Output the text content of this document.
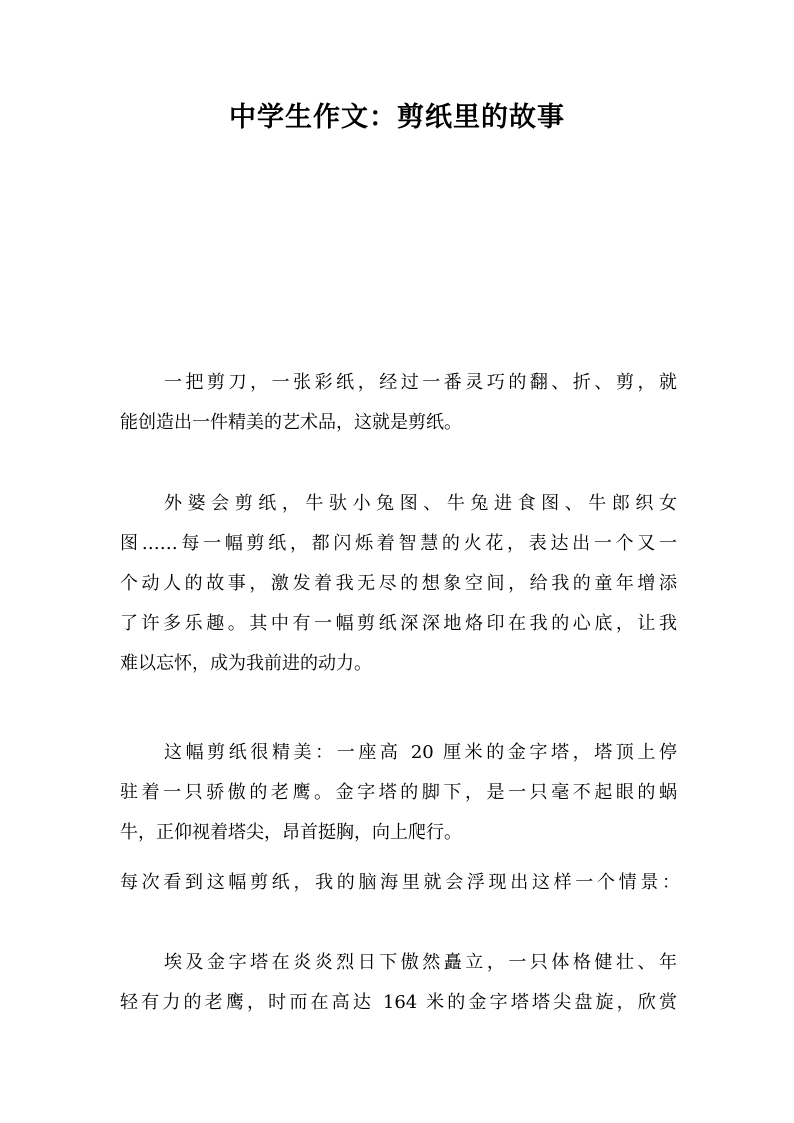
中学生作文：剪纸里的故事
一把剪刀，一张彩纸，经过一番灵巧的翻、折、剪，就
能创造出一件精美的艺术品，这就是剪纸。
外婆会剪纸，牛驮小兔图、牛兔进食图、牛郎织女
图……每一幅剪纸，都闪烁着智慧的火花，表达出一个又一
个动人的故事，激发着我无尽的想象空间，给我的童年增添
了许多乐趣。其中有一幅剪纸深深地烙印在我的心底，让我
难以忘怀，成为我前进的动力。
这幅剪纸很精美：一座高 20 厘米的金字塔，塔顶上停
驻着一只骄傲的老鹰。金字塔的脚下，是一只毫不起眼的蜗
牛，正仰视着塔尖，昂首挺胸，向上爬行。
每次看到这幅剪纸，我的脑海里就会浮现出这样一个情景：
埃及金字塔在炎炎烈日下傲然矗立，一只体格健壮、年
轻有力的老鹰，时而在高达 164 米的金字塔塔尖盘旋，欣赏
